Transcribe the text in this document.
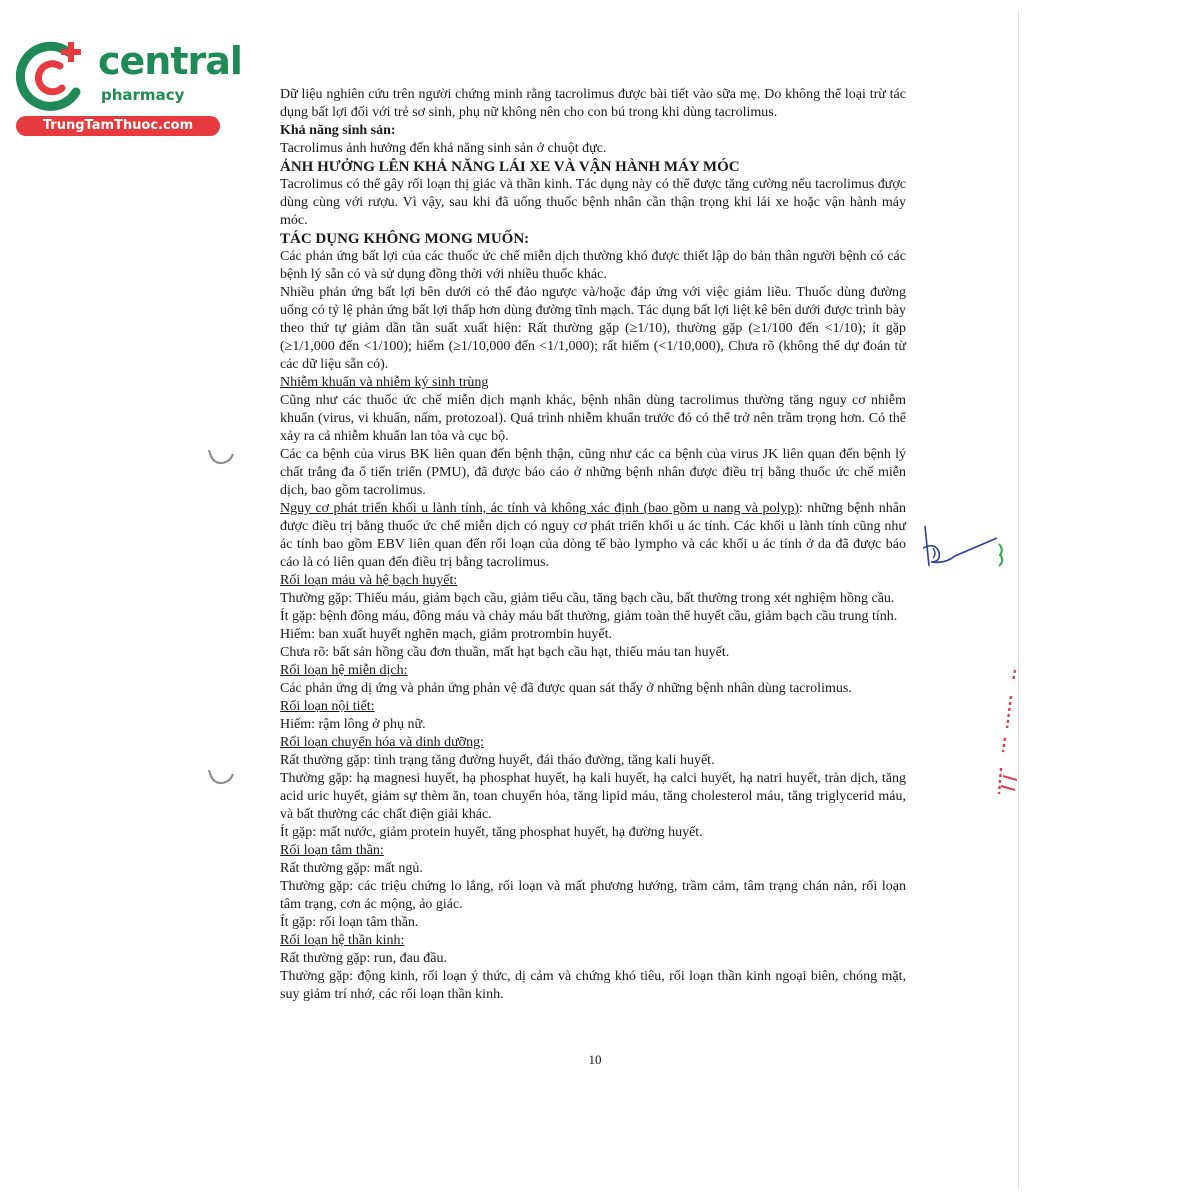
central
pharmacy
TrungTamThuoc.com

Dữ liệu nghiên cứu trên người chứng minh rằng tacrolimus được bài tiết vào sữa mẹ. Do không thể loại trừ tác dụng bất lợi đối với trẻ sơ sinh, phụ nữ không nên cho con bú trong khi dùng tacrolimus.

Khả năng sinh sản:

Tacrolimus ảnh hưởng đến khả năng sinh sản ở chuột đực.

ẢNH HƯỞNG LÊN KHẢ NĂNG LÁI XE VÀ VẬN HÀNH MÁY MÓC

Tacrolimus có thể gây rối loạn thị giác và thần kinh. Tác dụng này có thể được tăng cường nếu tacrolimus được dùng cùng với rượu. Vì vậy, sau khi đã uống thuốc bệnh nhân cần thận trọng khi lái xe hoặc vận hành máy móc.

TÁC DỤNG KHÔNG MONG MUỐN:

Các phản ứng bất lợi của các thuốc ức chế miễn dịch thường khó được thiết lập do bản thân người bệnh có các bệnh lý sẵn có và sử dụng đồng thời với nhiều thuốc khác.

Nhiều phản ứng bất lợi bên dưới có thể đảo ngược và/hoặc đáp ứng với việc giảm liều. Thuốc dùng đường uống có tỷ lệ phản ứng bất lợi thấp hơn dùng đường tĩnh mạch. Tác dụng bất lợi liệt kê bên dưới được trình bày theo thứ tự giảm dần tần suất xuất hiện: Rất thường gặp (≥1/10), thường gặp (≥1/100 đến <1/10); ít gặp (≥1/1,000 đến <1/100); hiếm (≥1/10,000 đến <1/1,000); rất hiếm (<1/10,000), Chưa rõ (không thể dự đoán từ các dữ liệu sẵn có).

Nhiễm khuẩn và nhiễm ký sinh trùng

Cũng như các thuốc ức chế miễn dịch mạnh khác, bệnh nhân dùng tacrolimus thường tăng nguy cơ nhiễm khuẩn (virus, vi khuẩn, nấm, protozoal). Quá trình nhiễm khuẩn trước đó có thể trở nên trầm trọng hơn. Có thể xảy ra cả nhiễm khuẩn lan tỏa và cục bộ.

Các ca bệnh của virus BK liên quan đến bệnh thận, cũng như các ca bệnh của virus JK liên quan đến bệnh lý chất trắng đa ổ tiến triển (PMU), đã được báo cáo ở những bệnh nhân được điều trị bằng thuốc ức chế miễn dịch, bao gồm tacrolimus.

Nguy cơ phát triển khối u lành tính, ác tính và không xác định (bao gồm u nang và polyp): những bệnh nhân được điều trị bằng thuốc ức chế miễn dịch có nguy cơ phát triển khối u ác tính. Các khối u lành tính cũng như ác tính bao gồm EBV liên quan đến rối loạn của dòng tế bào lympho và các khối u ác tính ở da đã được báo cáo là có liên quan đến điều trị bằng tacrolimus.

Rối loạn máu và hệ bạch huyết:

Thường gặp: Thiếu máu, giảm bạch cầu, giảm tiểu cầu, tăng bạch cầu, bất thường trong xét nghiệm hồng cầu.

Ít gặp: bệnh đông máu, đông máu và chảy máu bất thường, giảm toàn thể huyết cầu, giảm bạch cầu trung tính.

Hiếm: ban xuất huyết nghẽn mạch, giảm protrombin huyết.

Chưa rõ: bất sản hồng cầu đơn thuần, mất hạt bạch cầu hạt, thiếu máu tan huyết.

Rối loạn hệ miễn dịch:

Các phản ứng dị ứng và phản ứng phản vệ đã được quan sát thấy ở những bệnh nhân dùng tacrolimus.

Rối loạn nội tiết:

Hiếm: rậm lông ở phụ nữ.

Rối loạn chuyển hóa và dinh dưỡng:

Rất thường gặp: tình trạng tăng đường huyết, đái tháo đường, tăng kali huyết.

Thường gặp: hạ magnesi huyết, hạ phosphat huyết, hạ kali huyết, hạ calci huyết, hạ natri huyết, tràn dịch, tăng acid uric huyết, giảm sự thèm ăn, toan chuyển hóa, tăng lipid máu, tăng cholesterol máu, tăng triglycerid máu, và bất thường các chất điện giải khác.

Ít gặp: mất nước, giảm protein huyết, tăng phosphat huyết, hạ đường huyết.

Rối loạn tâm thần:

Rất thường gặp: mất ngủ.

Thường gặp: các triệu chứng lo lắng, rối loạn và mất phương hướng, trầm cảm, tâm trạng chán nản, rối loạn tâm trạng, cơn ác mộng, ảo giác.

Ít gặp: rối loạn tâm thần.

Rối loạn hệ thần kinh:

Rất thường gặp: run, đau đầu.

Thường gặp: động kinh, rối loạn ý thức, dị cảm và chứng khó tiêu, rối loạn thần kinh ngoại biên, chóng mặt, suy giảm trí nhớ, các rối loạn thần kinh.

10
